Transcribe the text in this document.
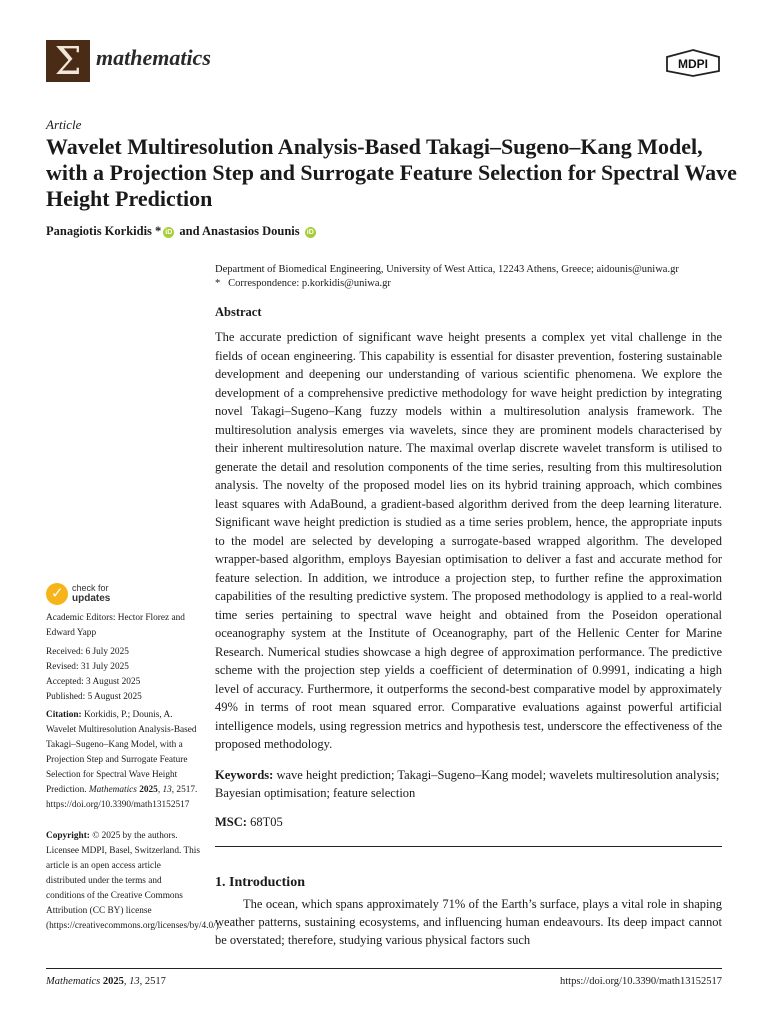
Σ mathematics	MDPI
Article
Wavelet Multiresolution Analysis-Based Takagi–Sugeno–Kang Model, with a Projection Step and Surrogate Feature Selection for Spectral Wave Height Prediction
Panagiotis Korkidis * iD and Anastasios Dounis iD
Department of Biomedical Engineering, University of West Attica, 12243 Athens, Greece; aidounis@uniwa.gr
* Correspondence: p.korkidis@uniwa.gr
Abstract

The accurate prediction of significant wave height presents a complex yet vital challenge in the fields of ocean engineering. This capability is essential for disaster prevention, fostering sustainable development and deepening our understanding of various scientific phenomena. We explore the development of a comprehensive predictive methodology for wave height prediction by integrating novel Takagi–Sugeno–Kang fuzzy models within a multiresolution analysis framework. The multiresolution analysis emerges via wavelets, since they are prominent models characterised by their inherent multiresolution nature. The maximal overlap discrete wavelet transform is utilised to generate the detail and resolution components of the time series, resulting from this multiresolution analysis. The novelty of the proposed model lies on its hybrid training approach, which combines least squares with AdaBound, a gradient-based algorithm derived from the deep learning literature. Significant wave height prediction is studied as a time series problem, hence, the appropriate inputs to the model are selected by developing a surrogate-based wrapped algorithm. The developed wrapper-based algorithm, employs Bayesian optimisation to deliver a fast and accurate method for feature selection. In addition, we introduce a projection step, to further refine the approximation capabilities of the resulting predictive system. The proposed methodology is applied to a real-world time series pertaining to spectral wave height and obtained from the Poseidon operational oceanography system at the Institute of Oceanography, part of the Hellenic Center for Marine Research. Numerical studies showcase a high degree of approximation performance. The predictive scheme with the projection step yields a coefficient of determination of 0.9991, indicating a high level of accuracy. Furthermore, it outperforms the second-best comparative model by approximately 49% in terms of root mean squared error. Comparative evaluations against powerful artificial intelligence models, using regression metrics and hypothesis test, underscore the effectiveness of the proposed methodology.

Keywords: wave height prediction; Takagi–Sugeno–Kang model; wavelets multiresolution analysis; Bayesian optimisation; feature selection

MSC: 68T05
1. Introduction

The ocean, which spans approximately 71% of the Earth’s surface, plays a vital role in shaping weather patterns, sustaining ecosystems, and influencing human endeavours. Its deep impact cannot be overstated; therefore, studying various physical factors such

✓ check for
updates
Academic Editors: Hector Florez and Edward Yapp
Received: 6 July 2025
Revised: 31 July 2025
Accepted: 3 August 2025
Published: 5 August 2025
Citation: Korkidis, P.; Dounis, A. Wavelet Multiresolution Analysis-Based Takagi–Sugeno–Kang Model, with a Projection Step and Surrogate Feature Selection for Spectral Wave Height Prediction. Mathematics 2025, 13, 2517. https://doi.org/10.3390/math13152517
Copyright: © 2025 by the authors. Licensee MDPI, Basel, Switzerland. This article is an open access article distributed under the terms and conditions of the Creative Commons Attribution (CC BY) license (https://creativecommons.org/licenses/by/4.0/).
Mathematics 2025, 13, 2517	https://doi.org/10.3390/math13152517
